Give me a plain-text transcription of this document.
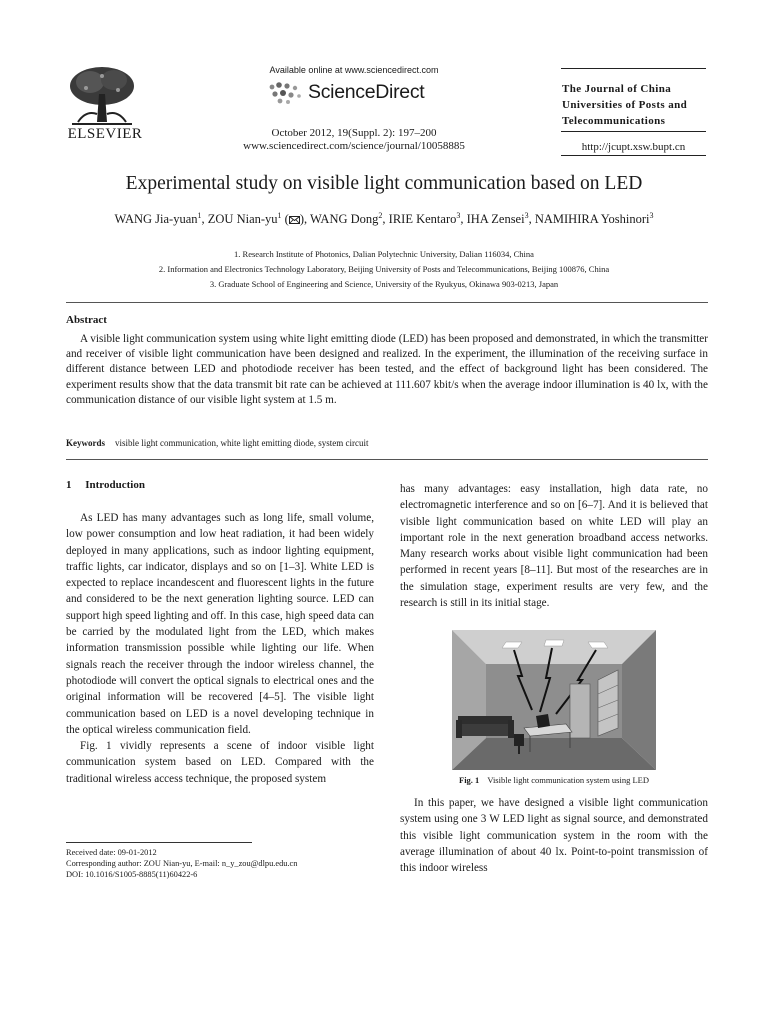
ELSEVIER
Available online at www.sciencedirect.com
ScienceDirect
October 2012, 19(Suppl. 2): 197–200
www.sciencedirect.com/science/journal/10058885
The Journal of China Universities of Posts and Telecommunications
http://jcupt.xsw.bupt.cn
Experimental study on visible light communication based on LED
WANG Jia-yuan$^1$, ZOU Nian-$yu^1$ ( ), WANG Dong$^2$, IRIE Kentaro$^3$, IHA Zensei$^3$, NAMIHIRA Yoshinori$^3$
1. Research Institute of Photonics, Dalian Polytechnic University, Dalian 116034, China
2. Information and Electronics Technology Laboratory, Beijing University of Posts and Telecommunications, Beijing 100876, China
3. Graduate School of Engineering and Science, University of the Ryukyus, Okinawa 903-0213, Japan
Abstract
A visible light communication system using white light emitting diode (LED) has been proposed and demonstrated, in which the transmitter and receiver of visible light communication have been designed and realized. In the experiment, the illumination of the receiving surface in different distance between LED and photodiode receiver has been tested, and the effect of background light has been considered. The experiment results show that the data transmit bit rate can be achieved at 111.607 kbit/s when the average indoor illumination is 40 lx, with the communication distance of our visible light system at 1.5 m.
Keywords visible light communication, white light emitting diode, system circuit
1  Introduction

As LED has many advantages such as long life, small volume, low power consumption and low heat radiation, it had been widely deployed in many applications, such as indoor lighting equipment, traffic lights, car indicator, displays and so on [1–3]. White LED is expected to replace incandescent and fluorescent lights in the future and considered to be the next generation lighting source. LED can support high speed lighting and off. In this case, high speed data can be carried by the modulated light from the LED, which makes information transmission possible while lighting our life. When signals reach the receiver through the indoor wireless channel, the photodiode will convert the optical signals to electrical ones and the original information will be recovered [4–5]. The visible light communication based on LED is a novel developing technique in the optical wireless communication field.

Fig. 1 vividly represents a scene of indoor visible light communication system based on LED. Compared with the traditional wireless access technique, the proposed system

has many advantages: easy installation, high data rate, no electromagnetic interference and so on [6–7]. And it is believed that visible light communication based on white LED will play an important role in the next generation broadband access networks. Many research works about visible light communication had been performed in recent years [8–11]. But most of the researches are in the simulation stage, experiment results are very few, and the research is still in its initial stage.
Fig. 1 Visible light communication system using LED
In this paper, we have designed a visible light communication system using one 3 W LED light as signal source, and demonstrated this visible light communication system in the room with the average illumination of about 40 lx. Point-to-point transmission of this indoor wireless
Received date: 09-01-2012
Corresponding author: ZOU Nian-yu, E-mail: n_y_zou@dlpu.edu.cn
DOI: 10.1016/S1005-8885(11)60422-6
